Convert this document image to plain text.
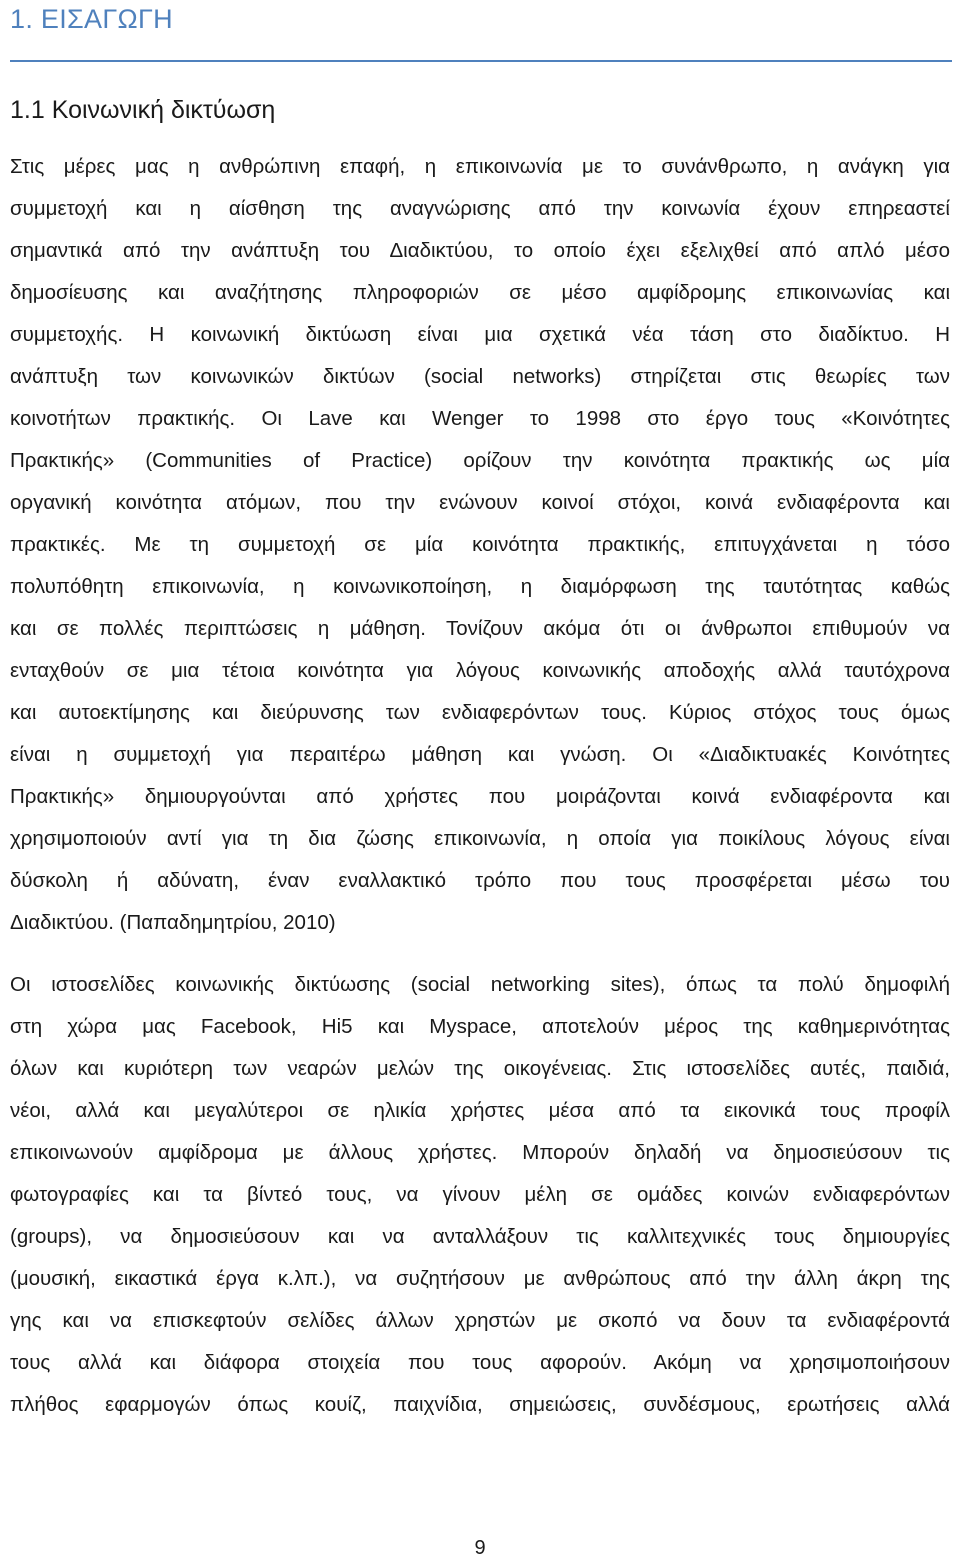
1. ΕΙΣΑΓΩΓΗ
1.1 Κοινωνική δικτύωση
Στις μέρες μας η ανθρώπινη επαφή, η επικοινωνία με το συνάνθρωπο, η ανάγκη για
συμμετοχή και η αίσθηση της αναγνώρισης από την κοινωνία έχουν επηρεαστεί
σημαντικά από την ανάπτυξη του Διαδικτύου, το οποίο έχει εξελιχθεί από απλό μέσο
δημοσίευσης και αναζήτησης πληροφοριών σε μέσο αμφίδρομης επικοινωνίας και
συμμετοχής. Η κοινωνική δικτύωση είναι μια σχετικά νέα τάση στο διαδίκτυο. Η
ανάπτυξη των κοινωνικών δικτύων (social networks) στηρίζεται στις θεωρίες των
κοινοτήτων πρακτικής. Οι Lave και Wenger το 1998 στο έργο τους «Κοινότητες
Πρακτικής» (Communities of Practice) ορίζουν την κοινότητα πρακτικής ως μία
οργανική κοινότητα ατόμων, που την ενώνουν κοινοί στόχοι, κοινά ενδιαφέροντα και
πρακτικές. Με τη συμμετοχή σε μία κοινότητα πρακτικής, επιτυγχάνεται η τόσο
πολυπόθητη επικοινωνία, η κοινωνικοποίηση, η διαμόρφωση της ταυτότητας καθώς
και σε πολλές περιπτώσεις η μάθηση. Τονίζουν ακόμα ότι οι άνθρωποι επιθυμούν να
ενταχθούν σε μια τέτοια κοινότητα για λόγους κοινωνικής αποδοχής αλλά ταυτόχρονα
και αυτοεκτίμησης και διεύρυνσης των ενδιαφερόντων τους. Κύριος στόχος τους όμως
είναι η συμμετοχή για περαιτέρω μάθηση και γνώση. Οι «Διαδικτυακές Κοινότητες
Πρακτικής» δημιουργούνται από χρήστες που μοιράζονται κοινά ενδιαφέροντα και
χρησιμοποιούν αντί για τη δια ζώσης επικοινωνία, η οποία για ποικίλους λόγους είναι
δύσκολη ή αδύνατη, έναν εναλλακτικό τρόπο που τους προσφέρεται μέσω του
Διαδικτύου. (Παπαδημητρίου, 2010)
Οι ιστοσελίδες κοινωνικής δικτύωσης (social networking sites), όπως τα πολύ δημοφιλή
στη χώρα μας Facebook, Hi5 και Myspace, αποτελούν μέρος της καθημερινότητας
όλων και κυριότερη των νεαρών μελών της οικογένειας. Στις ιστοσελίδες αυτές, παιδιά,
νέοι, αλλά και μεγαλύτεροι σε ηλικία χρήστες μέσα από τα εικονικά τους προφίλ
επικοινωνούν αμφίδρομα με άλλους χρήστες. Μπορούν δηλαδή να δημοσιεύσουν τις
φωτογραφίες και τα βίντεό τους, να γίνουν μέλη σε ομάδες κοινών ενδιαφερόντων
(groups), να δημοσιεύσουν και να ανταλλάξουν τις καλλιτεχνικές τους δημιουργίες
(μουσική, εικαστικά έργα κ.λπ.), να συζητήσουν με ανθρώπους από την άλλη άκρη της
γης και να επισκεφτούν σελίδες άλλων χρηστών με σκοπό να δουν τα ενδιαφέροντά
τους αλλά και διάφορα στοιχεία που τους αφορούν. Ακόμη να χρησιμοποιήσουν
πλήθος εφαρμογών όπως κουίζ, παιχνίδια, σημειώσεις, συνδέσμους, ερωτήσεις αλλά
9
